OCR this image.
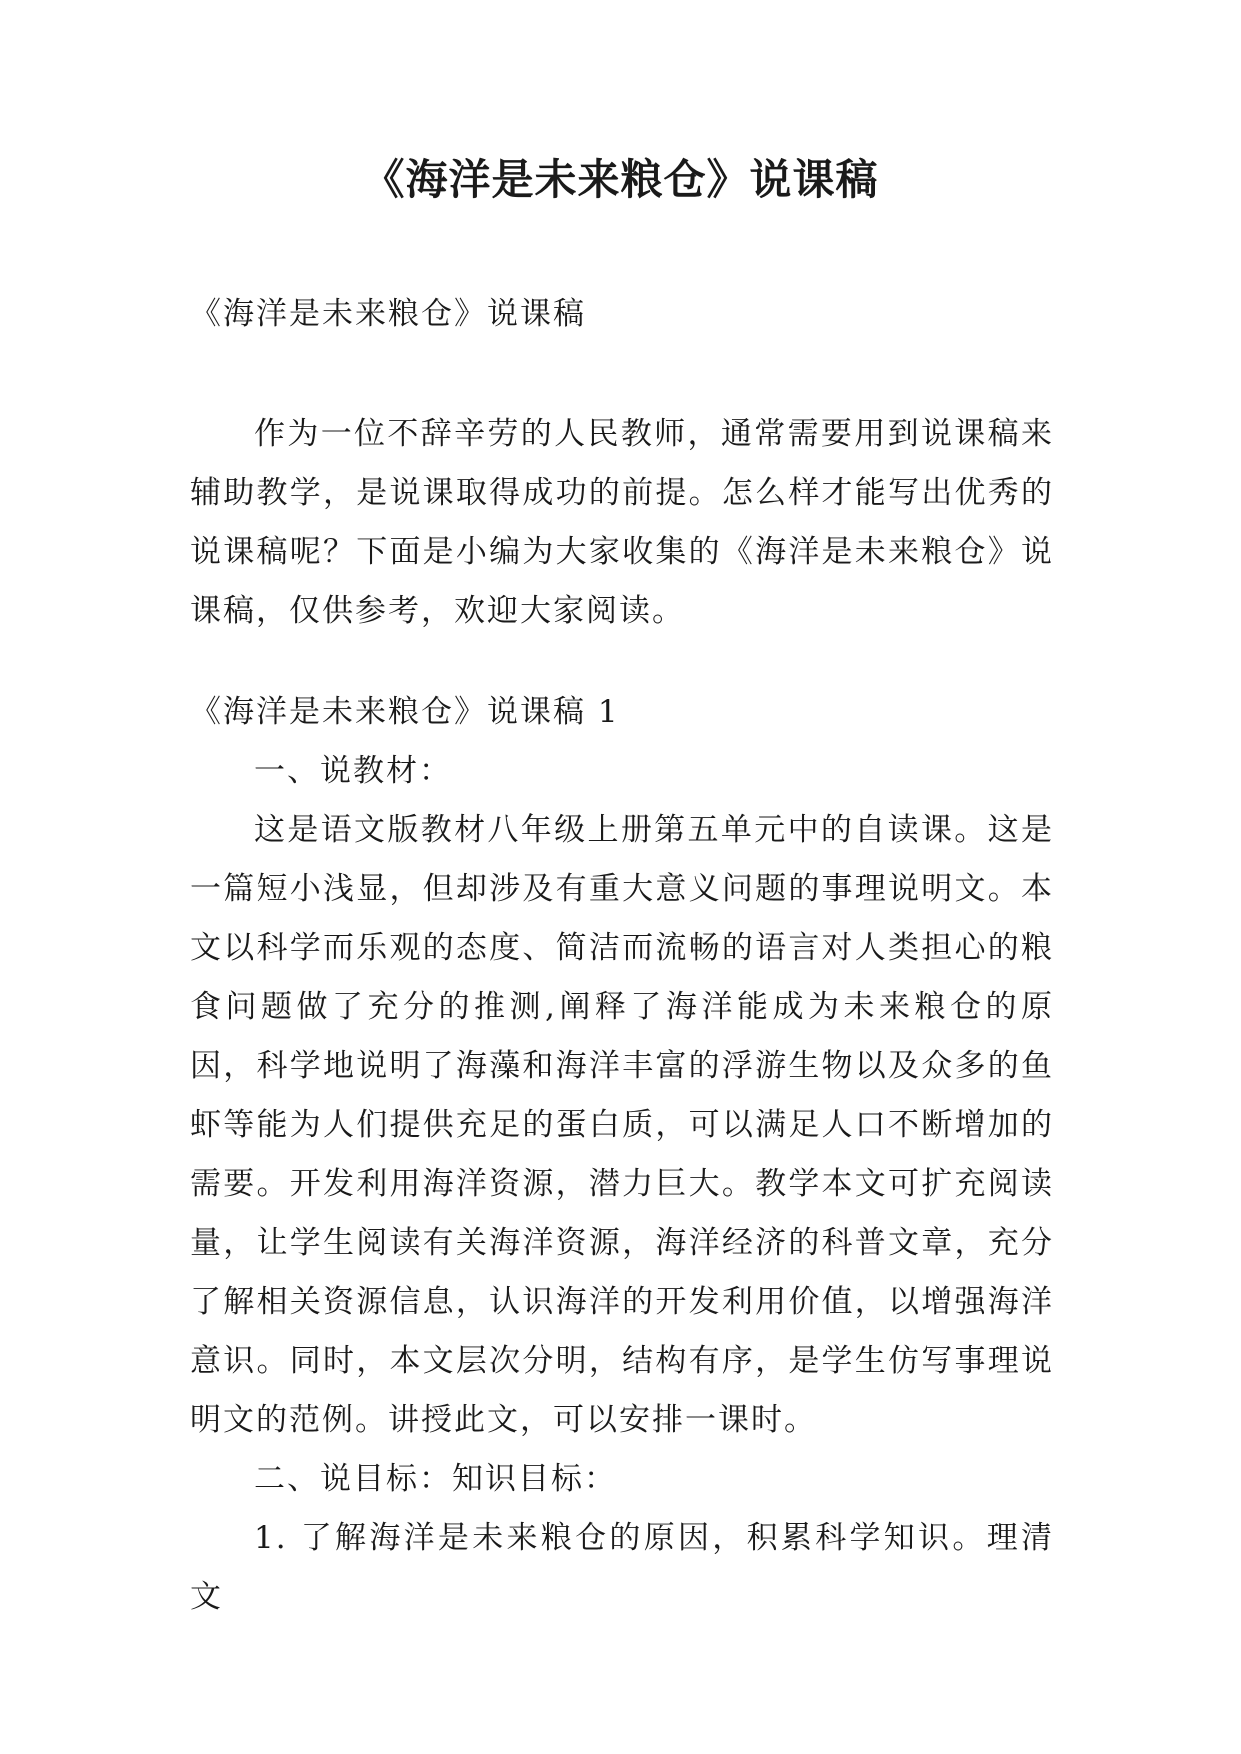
《海洋是未来粮仓》说课稿

《海洋是未来粮仓》说课稿

作为一位不辞辛劳的人民教师，通常需要用到说课稿来辅助教学，是说课取得成功的前提。怎么样才能写出优秀的说课稿呢？下面是小编为大家收集的《海洋是未来粮仓》说课稿，仅供参考，欢迎大家阅读。

《海洋是未来粮仓》说课稿 1

一、说教材：

这是语文版教材八年级上册第五单元中的自读课。这是一篇短小浅显，但却涉及有重大意义问题的事理说明文。本文以科学而乐观的态度、简洁而流畅的语言对人类担心的粮食问题做了充分的推测,阐释了海洋能成为未来粮仓的原因，科学地说明了海藻和海洋丰富的浮游生物以及众多的鱼虾等能为人们提供充足的蛋白质，可以满足人口不断增加的需要。开发利用海洋资源，潜力巨大。教学本文可扩充阅读量，让学生阅读有关海洋资源，海洋经济的科普文章，充分了解相关资源信息，认识海洋的开发利用价值，以增强海洋意识。同时，本文层次分明，结构有序，是学生仿写事理说明文的范例。讲授此文，可以安排一课时。

二、说目标：知识目标：

1. 了解海洋是未来粮仓的原因，积累科学知识。理清文
